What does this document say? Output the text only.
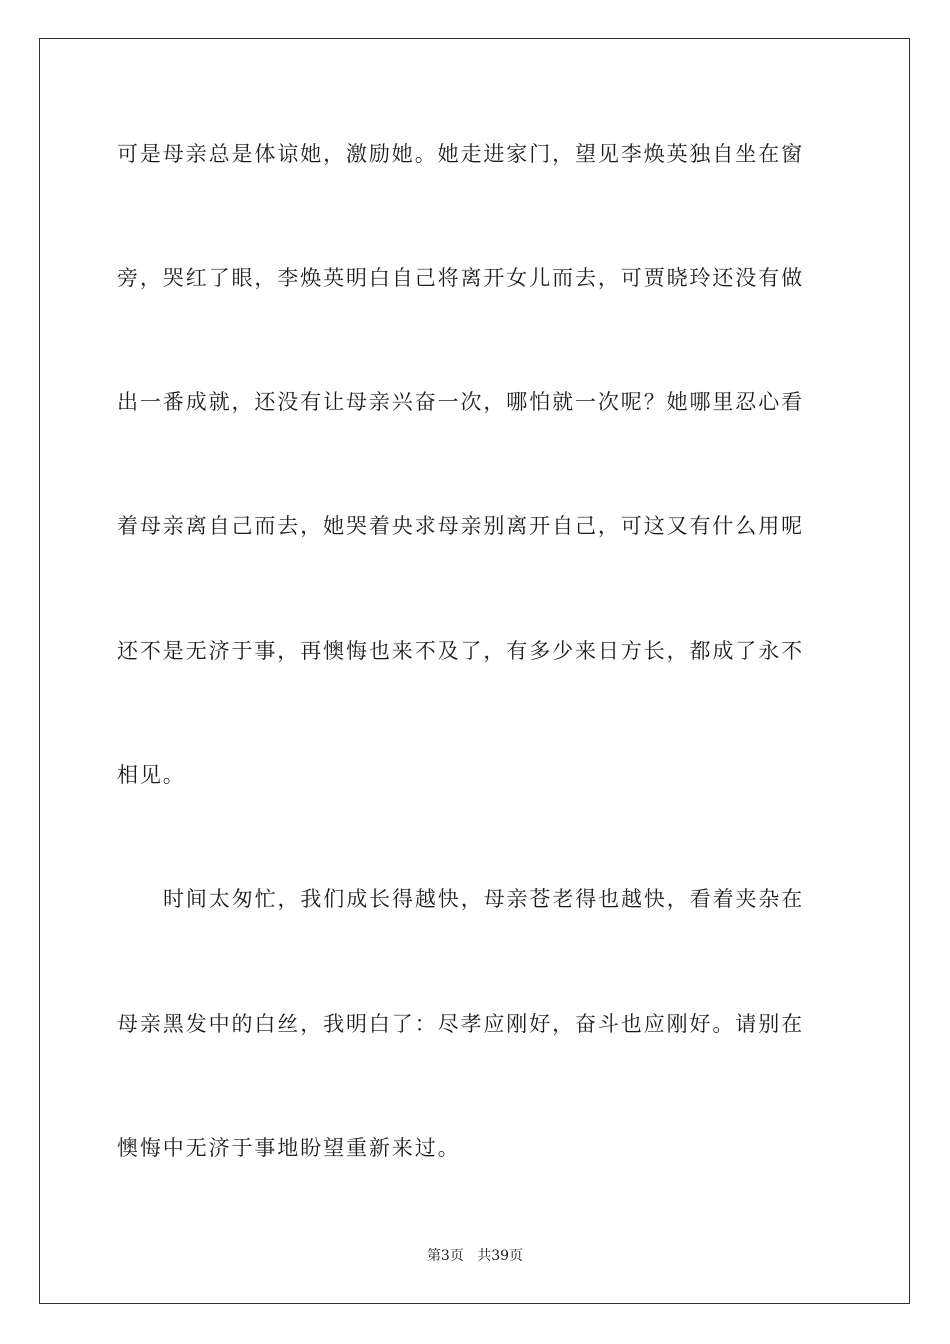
可是母亲总是体谅她，激励她。她走进家门，望见李焕英独自坐在窗
旁，哭红了眼，李焕英明白自己将离开女儿而去，可贾晓玲还没有做
出一番成就，还没有让母亲兴奋一次，哪怕就一次呢？她哪里忍心看
着母亲离自己而去，她哭着央求母亲别离开自己，可这又有什么用呢
还不是无济于事，再懊悔也来不及了，有多少来日方长，都成了永不
相见。
时间太匆忙，我们成长得越快，母亲苍老得也越快，看着夹杂在
母亲黑发中的白丝，我明白了：尽孝应刚好，奋斗也应刚好。请别在
懊悔中无济于事地盼望重新来过。
第3页 共39页
